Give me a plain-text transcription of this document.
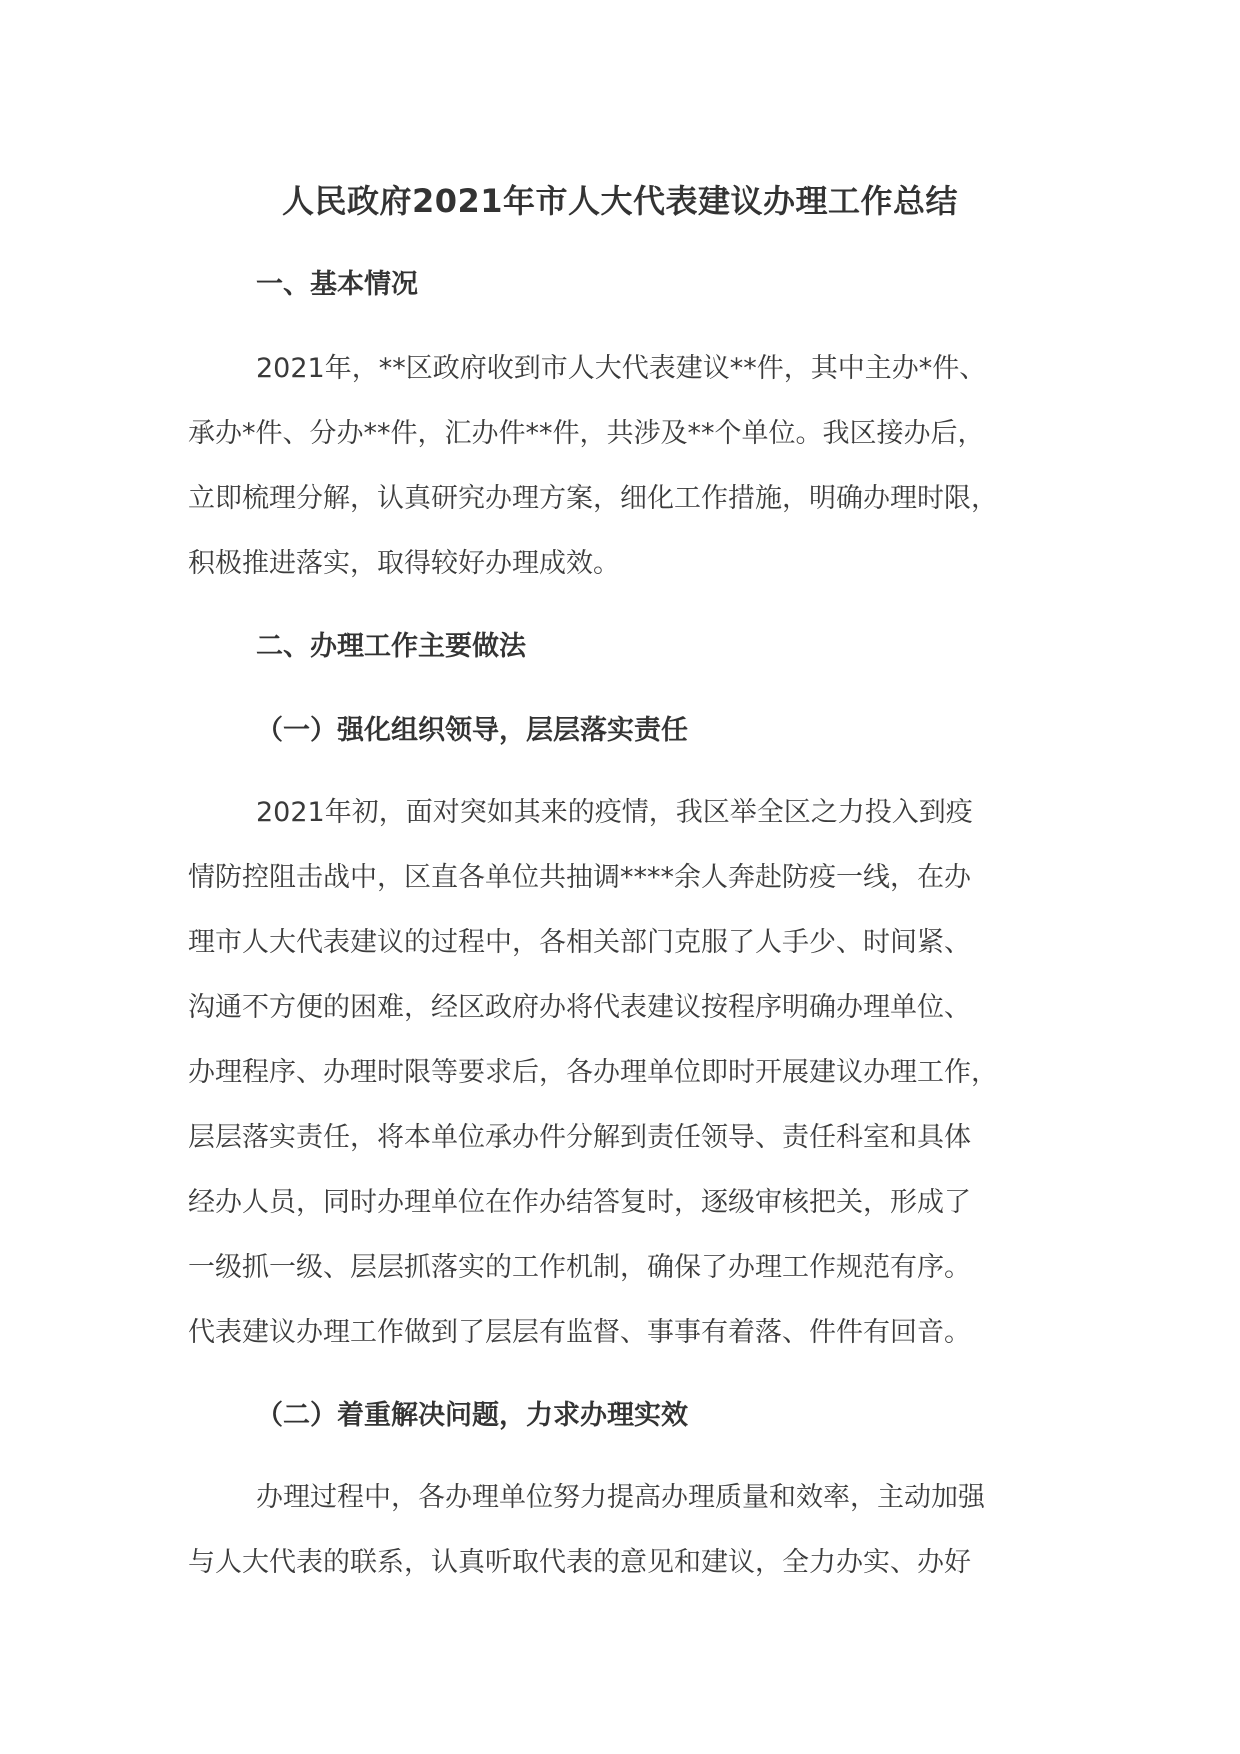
人民政府2021年市人大代表建议办理工作总结
一、基本情况
2021年，**区政府收到市人大代表建议**件，其中主办*件、
承办*件、分办**件，汇办件**件，共涉及**个单位。我区接办后，
立即梳理分解，认真研究办理方案，细化工作措施，明确办理时限，
积极推进落实，取得较好办理成效。
二、办理工作主要做法
（一）强化组织领导，层层落实责任
2021年初，面对突如其来的疫情，我区举全区之力投入到疫
情防控阻击战中，区直各单位共抽调****余人奔赴防疫一线，在办
理市人大代表建议的过程中，各相关部门克服了人手少、时间紧、
沟通不方便的困难，经区政府办将代表建议按程序明确办理单位、
办理程序、办理时限等要求后，各办理单位即时开展建议办理工作，
层层落实责任，将本单位承办件分解到责任领导、责任科室和具体
经办人员，同时办理单位在作办结答复时，逐级审核把关，形成了
一级抓一级、层层抓落实的工作机制，确保了办理工作规范有序。
代表建议办理工作做到了层层有监督、事事有着落、件件有回音。
（二）着重解决问题，力求办理实效
办理过程中，各办理单位努力提高办理质量和效率，主动加强
与人大代表的联系，认真听取代表的意见和建议，全力办实、办好
